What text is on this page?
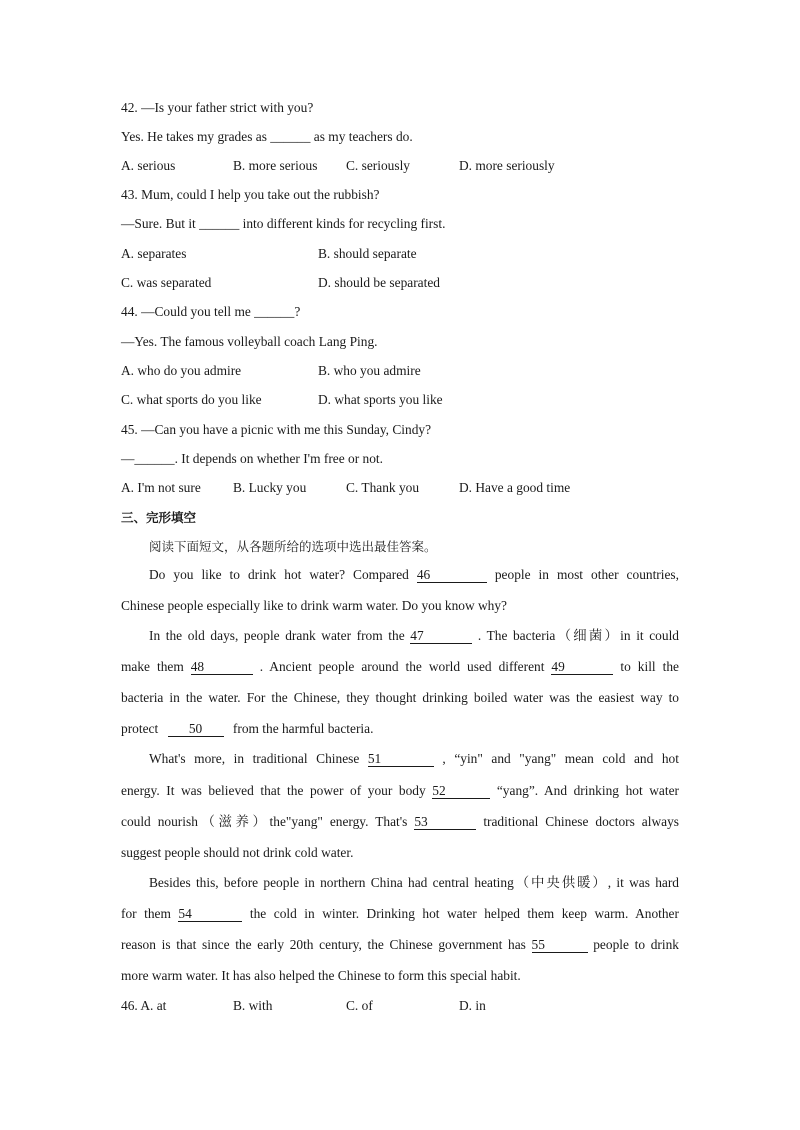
42. —Is your father strict with you?
Yes. He takes my grades as ______ as my teachers do.
A. serious	B. more serious C. seriously	D. more seriously
43. Mum, could I help you take out the rubbish?
—Sure. But it ______ into different kinds for recycling first.
A. separates	B. should separate
C. was separated	D. should be separated
44. —Could you tell me ______?
—Yes. The famous volleyball coach Lang Ping.
A. who do you admire	B. who you admire
C. what sports do you like	D. what sports you like
45. —Can you have a picnic with me this Sunday, Cindy?
—______. It depends on whether I'm free or not.
A. I'm not sure B. Lucky you	C. Thank you	D. Have a good time
三、完形填空
阅读下面短文，从各题所给的选项中选出最佳答案。
Do you like to drink hot water? Compared 46	people in most other countries,
Chinese people especially like to drink warm water. Do you know why?
In the old days, people drank water from the 47	. The bacteria（细菌）in it could
make them 48	. Ancient people around the world used different 49	to kill the
bacteria in the water. For the Chinese, they thought drinking boiled water was the easiest way to
protect 50 from the harmful bacteria.
What's more, in traditional Chinese 51	, “yin" and "yang" mean cold and hot
energy. It was believed that the power of your body 52	“yang”. And drinking hot water
could nourish（滋养）the"yang" energy. That's 53	traditional Chinese doctors always
suggest people should not drink cold water.
Besides this, before people in northern China had central heating（中央供暖）, it was hard
for them 54	the cold in winter. Drinking hot water helped them keep warm. Another
reason is that since the early 20th century, the Chinese government has 55	people to drink
more warm water. It has also helped the Chinese to form this special habit.
46. A. at	B. with	C. of	D. in
